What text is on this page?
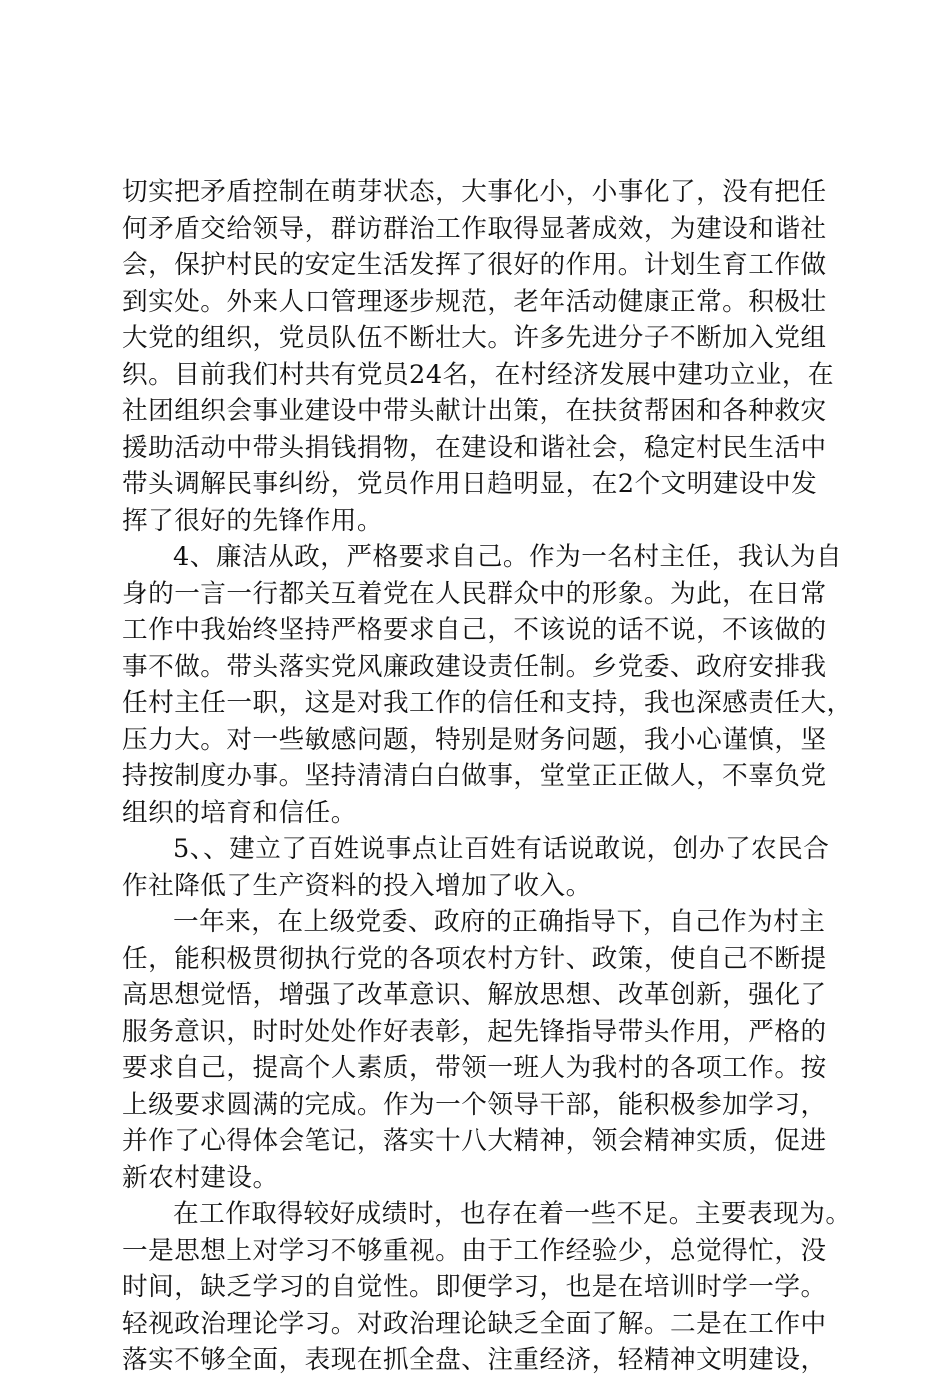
切实把矛盾控制在萌芽状态，大事化小，小事化了，没有把任
何矛盾交给领导，群访群治工作取得显著成效，为建设和谐社
会，保护村民的安定生活发挥了很好的作用。计划生育工作做
到实处。外来人口管理逐步规范，老年活动健康正常。积极壮
大党的组织，党员队伍不断壮大。许多先进分子不断加入党组
织。目前我们村共有党员24名，在村经济发展中建功立业，在
社团组织会事业建设中带头献计出策，在扶贫帮困和各种救灾
援助活动中带头捐钱捐物，在建设和谐社会，稳定村民生活中
带头调解民事纠纷，党员作用日趋明显，在2个文明建设中发
挥了很好的先锋作用。
4、廉洁从政，严格要求自己。作为一名村主任，我认为自
身的一言一行都关互着党在人民群众中的形象。为此，在日常
工作中我始终坚持严格要求自己，不该说的话不说，不该做的
事不做。带头落实党风廉政建设责任制。乡党委、政府安排我
任村主任一职，这是对我工作的信任和支持，我也深感责任大，
压力大。对一些敏感问题，特别是财务问题，我小心谨慎，坚
持按制度办事。坚持清清白白做事，堂堂正正做人，不辜负党
组织的培育和信任。
5、、建立了百姓说事点让百姓有话说敢说，创办了农民合
作社降低了生产资料的投入增加了收入。
一年来，在上级党委、政府的正确指导下，自己作为村主
任，能积极贯彻执行党的各项农村方针、政策，使自己不断提
高思想觉悟，增强了改革意识、解放思想、改革创新，强化了
服务意识，时时处处作好表彰，起先锋指导带头作用，严格的
要求自己，提高个人素质，带领一班人为我村的各项工作。按
上级要求圆满的完成。作为一个领导干部，能积极参加学习，
并作了心得体会笔记，落实十八大精神，领会精神实质，促进
新农村建设。
在工作取得较好成绩时，也存在着一些不足。主要表现为。
一是思想上对学习不够重视。由于工作经验少，总觉得忙，没
时间，缺乏学习的自觉性。即便学习，也是在培训时学一学。
轻视政治理论学习。对政治理论缺乏全面了解。二是在工作中
落实不够全面，表现在抓全盘、注重经济，轻精神文明建设，
